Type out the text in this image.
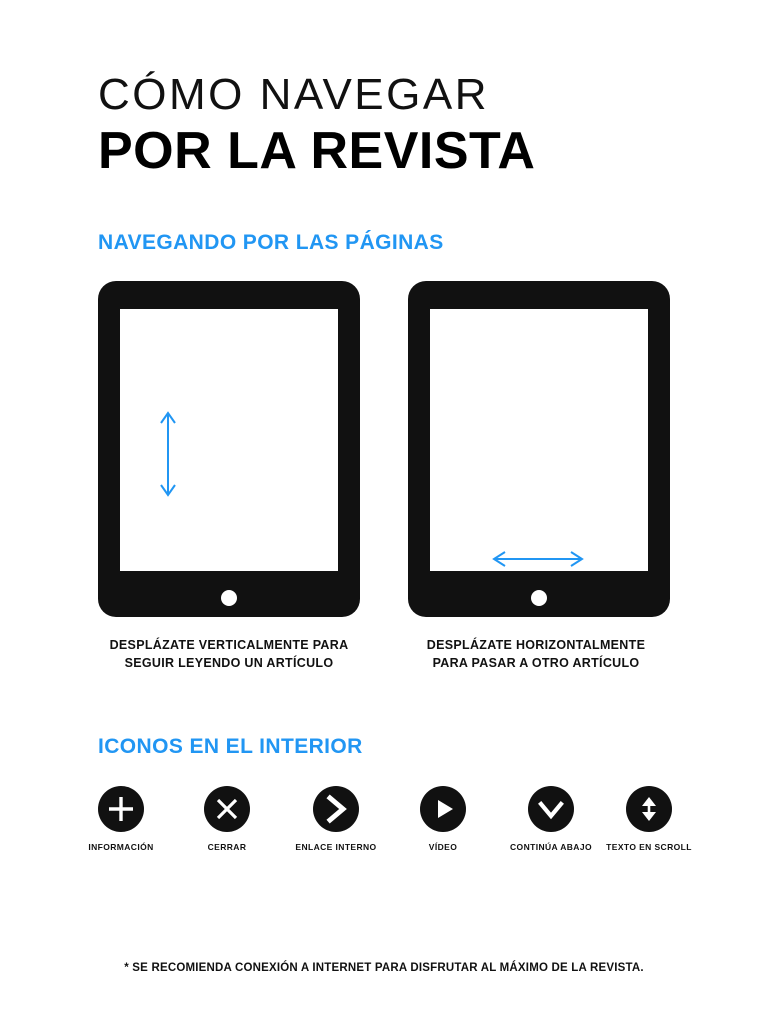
CÓMO NAVEGAR
POR LA REVISTA
NAVEGANDO POR LAS PÁGINAS
DESPLÁZATE VERTICALMENTE PARA
SEGUIR LEYENDO UN ARTÍCULO
DESPLÁZATE HORIZONTALMENTE
PARA PASAR A OTRO ARTÍCULO
ICONOS EN EL INTERIOR
INFORMACIÓN	CERRAR	ENLACE INTERNO	VÍDEO	CONTINÚA ABAJO	TEXTO EN SCROLL
* SE RECOMIENDA CONEXIÓN A INTERNET PARA DISFRUTAR AL MÁXIMO DE LA REVISTA.
